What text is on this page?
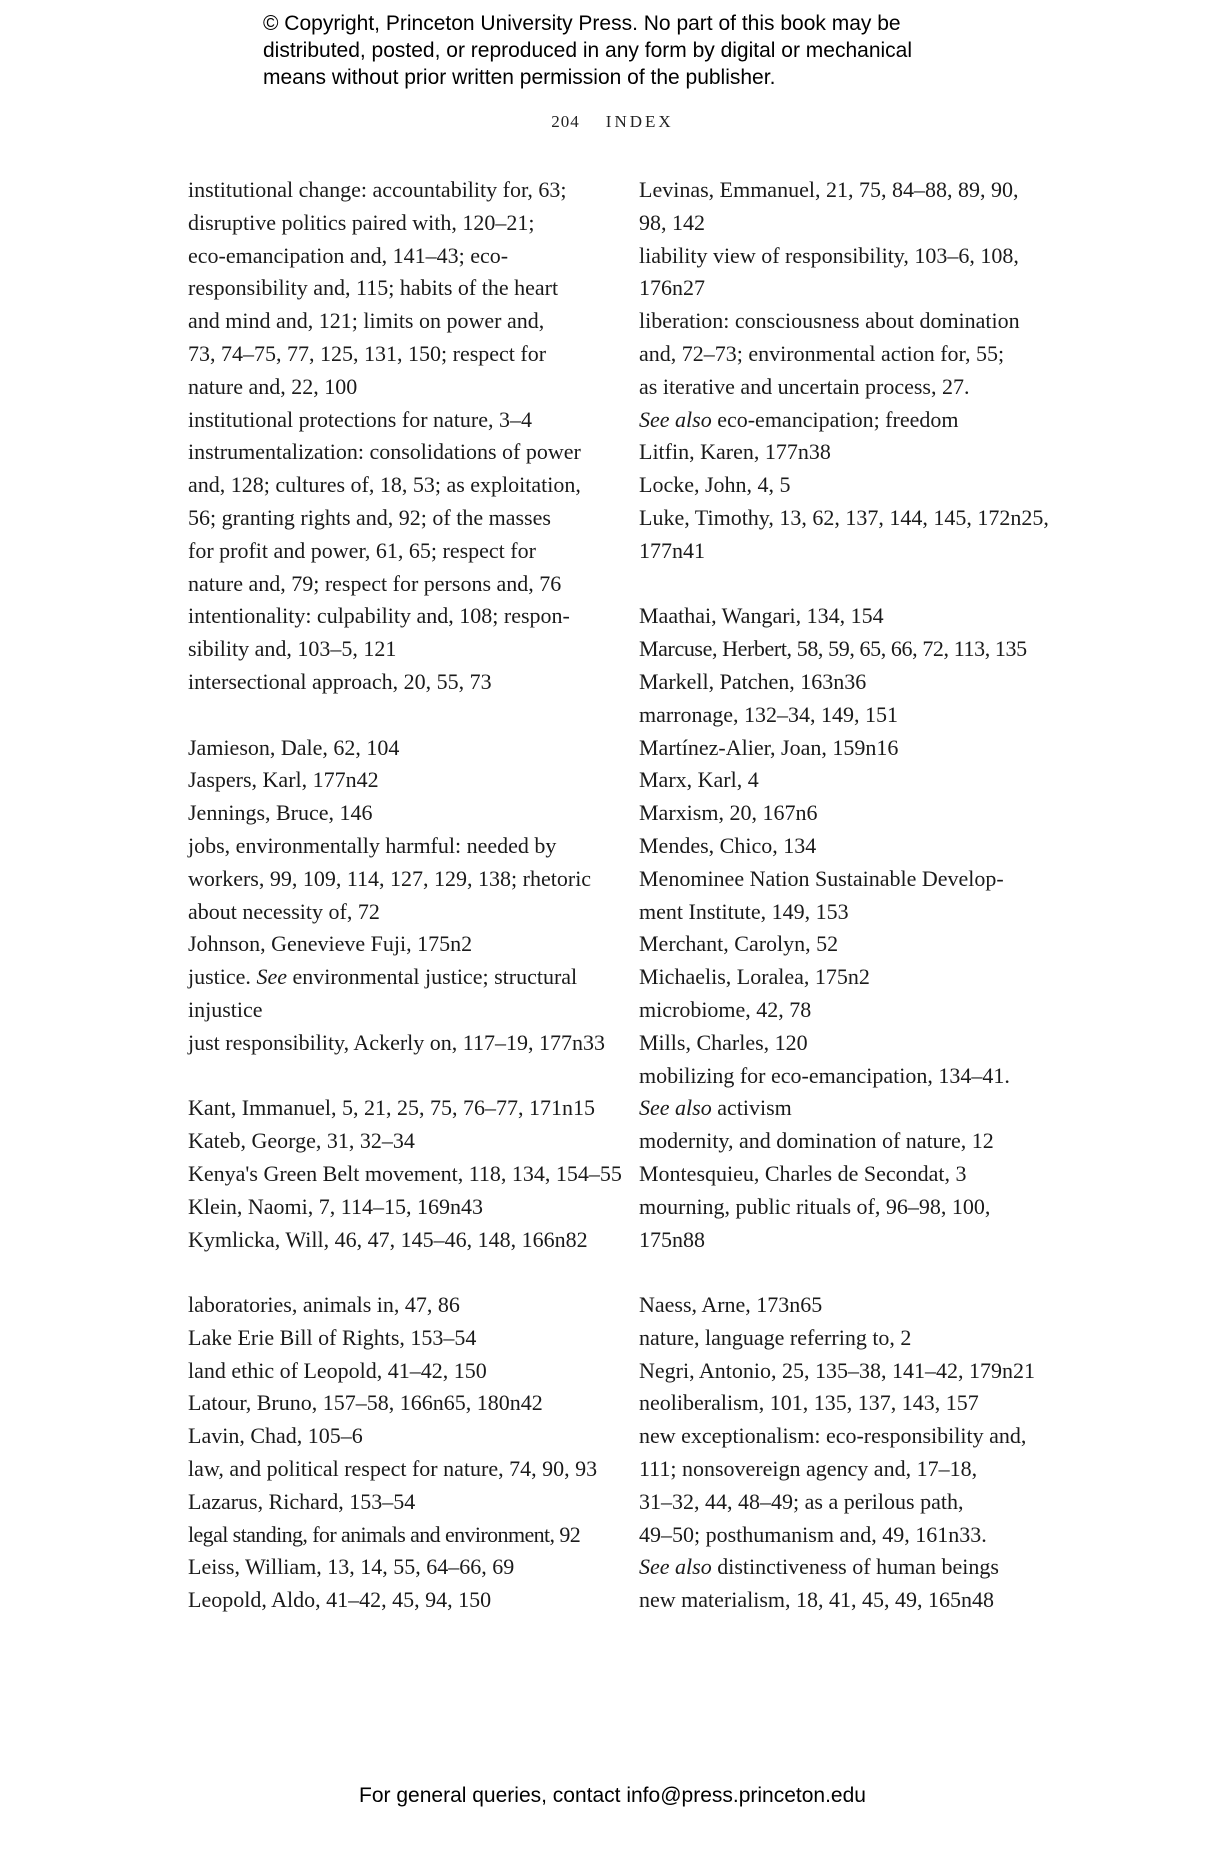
© Copyright, Princeton University Press. No part of this book may be
distributed, posted, or reproduced in any form by digital or mechanical
means without prior written permission of the publisher.
204 INDEX
institutional change: accountability for, 63;
disruptive politics paired with, 120–21;
eco-emancipation and, 141–43; eco-
responsibility and, 115; habits of the heart
and mind and, 121; limits on power and,
73, 74–75, 77, 125, 131, 150; respect for
nature and, 22, 100
institutional protections for nature, 3–4
instrumentalization: consolidations of power
and, 128; cultures of, 18, 53; as exploitation,
56; granting rights and, 92; of the masses
for profit and power, 61, 65; respect for
nature and, 79; respect for persons and, 76
intentionality: culpability and, 108; respon-
sibility and, 103–5, 121
intersectional approach, 20, 55, 73
Jamieson, Dale, 62, 104
Jaspers, Karl, 177n42
Jennings, Bruce, 146
jobs, environmentally harmful: needed by
workers, 99, 109, 114, 127, 129, 138; rhetoric
about necessity of, 72
Johnson, Genevieve Fuji, 175n2
justice. See environmental justice; structural
injustice
just responsibility, Ackerly on, 117–19, 177n33
Kant, Immanuel, 5, 21, 25, 75, 76–77, 171n15
Kateb, George, 31, 32–34
Kenya's Green Belt movement, 118, 134, 154–55
Klein, Naomi, 7, 114–15, 169n43
Kymlicka, Will, 46, 47, 145–46, 148, 166n82
laboratories, animals in, 47, 86
Lake Erie Bill of Rights, 153–54
land ethic of Leopold, 41–42, 150
Latour, Bruno, 157–58, 166n65, 180n42
Lavin, Chad, 105–6
law, and political respect for nature, 74, 90, 93
Lazarus, Richard, 153–54
legal standing, for animals and environment, 92
Leiss, William, 13, 14, 55, 64–66, 69
Leopold, Aldo, 41–42, 45, 94, 150
Levinas, Emmanuel, 21, 75, 84–88, 89, 90,
98, 142
liability view of responsibility, 103–6, 108,
176n27
liberation: consciousness about domination
and, 72–73; environmental action for, 55;
as iterative and uncertain process, 27.
See also eco-emancipation; freedom
Litfin, Karen, 177n38
Locke, John, 4, 5
Luke, Timothy, 13, 62, 137, 144, 145, 172n25,
177n41
Maathai, Wangari, 134, 154
Marcuse, Herbert, 58, 59, 65, 66, 72, 113, 135
Markell, Patchen, 163n36
marronage, 132–34, 149, 151
Martínez-Alier, Joan, 159n16
Marx, Karl, 4
Marxism, 20, 167n6
Mendes, Chico, 134
Menominee Nation Sustainable Develop-
ment Institute, 149, 153
Merchant, Carolyn, 52
Michaelis, Loralea, 175n2
microbiome, 42, 78
Mills, Charles, 120
mobilizing for eco-emancipation, 134–41.
See also activism
modernity, and domination of nature, 12
Montesquieu, Charles de Secondat, 3
mourning, public rituals of, 96–98, 100,
175n88
Naess, Arne, 173n65
nature, language referring to, 2
Negri, Antonio, 25, 135–38, 141–42, 179n21
neoliberalism, 101, 135, 137, 143, 157
new exceptionalism: eco-responsibility and,
111; nonsovereign agency and, 17–18,
31–32, 44, 48–49; as a perilous path,
49–50; posthumanism and, 49, 161n33.
See also distinctiveness of human beings
new materialism, 18, 41, 45, 49, 165n48
For general queries, contact info@press.princeton.edu
